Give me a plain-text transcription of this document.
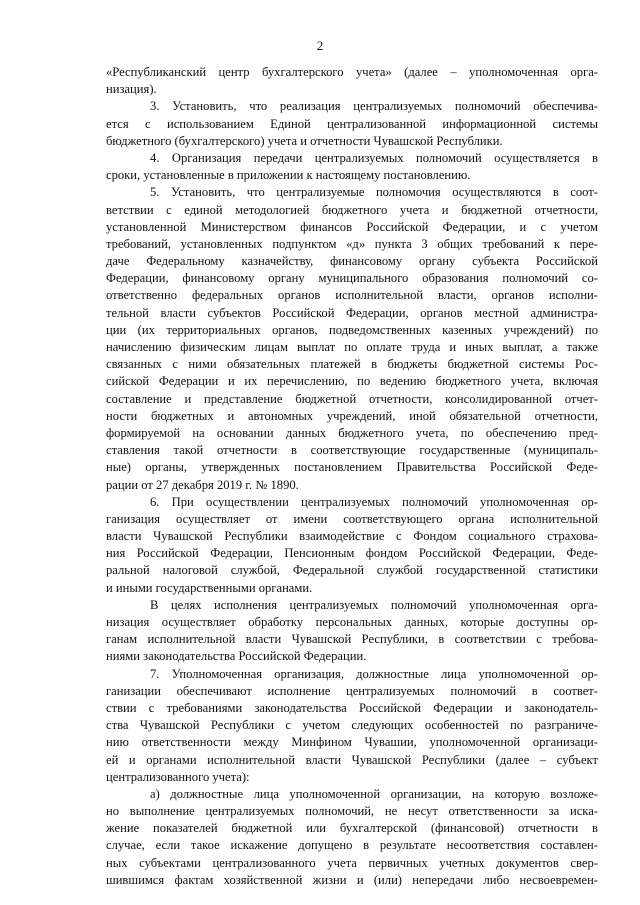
2
«Республиканский центр бухгалтерского учета» (далее – уполномоченная орга-
низация).
3. Установить, что реализация централизуемых полномочий обеспечива-
ется с использованием Единой централизованной информационной системы
бюджетного (бухгалтерского) учета и отчетности Чувашской Республики.
4. Организация передачи централизуемых полномочий осуществляется в
сроки, установленные в приложении к настоящему постановлению.
5. Установить, что централизуемые полномочия осуществляются в соот-
ветствии с единой методологией бюджетного учета и бюджетной отчетности,
установленной Министерством финансов Российской Федерации, и с учетом
требований, установленных подпунктом «д» пункта 3 общих требований к пере-
даче Федеральному казначейству, финансовому органу субъекта Российской
Федерации, финансовому органу муниципального образования полномочий со-
ответственно федеральных органов исполнительной власти, органов исполни-
тельной власти субъектов Российской Федерации, органов местной администра-
ции (их территориальных органов, подведомственных казенных учреждений) по
начислению физическим лицам выплат по оплате труда и иных выплат, а также
связанных с ними обязательных платежей в бюджеты бюджетной системы Рос-
сийской Федерации и их перечислению, по ведению бюджетного учета, включая
составление и представление бюджетной отчетности, консолидированной отчет-
ности бюджетных и автономных учреждений, иной обязательной отчетности,
формируемой на основании данных бюджетного учета, по обеспечению пред-
ставления такой отчетности в соответствующие государственные (муниципаль-
ные) органы, утвержденных постановлением Правительства Российской Феде-
рации от 27 декабря 2019 г. № 1890.
6. При осуществлении централизуемых полномочий уполномоченная ор-
ганизация осуществляет от имени соответствующего органа исполнительной
власти Чувашской Республики взаимодействие с Фондом социального страхова-
ния Российской Федерации, Пенсионным фондом Российской Федерации, Феде-
ральной налоговой службой, Федеральной службой государственной статистики
и иными государственными органами.
В целях исполнения централизуемых полномочий уполномоченная орга-
низация осуществляет обработку персональных данных, которые доступны ор-
ганам исполнительной власти Чувашской Республики, в соответствии с требова-
ниями законодательства Российской Федерации.
7. Уполномоченная организация, должностные лица уполномоченной ор-
ганизации обеспечивают исполнение централизуемых полномочий в соответ-
ствии с требованиями законодательства Российской Федерации и законодатель-
ства Чувашской Республики с учетом следующих особенностей по разграниче-
нию ответственности между Минфином Чувашии, уполномоченной организаци-
ей и органами исполнительной власти Чувашской Республики (далее – субъект
централизованного учета):
а) должностные лица уполномоченной организации, на которую возложе-
но выполнение централизуемых полномочий, не несут ответственности за иска-
жение показателей бюджетной или бухгалтерской (финансовой) отчетности в
случае, если такое искажение допущено в результате несоответствия составлен-
ных субъектами централизованного учета первичных учетных документов свер-
шившимся фактам хозяйственной жизни и (или) непередачи либо несвоевремен-
